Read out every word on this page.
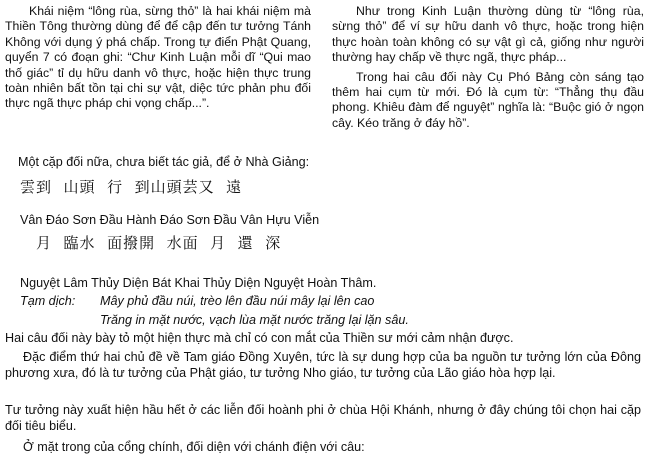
Khái niệm “lông rùa, sừng thỏ” là hai khái niệm mà Thiền Tông thường dùng để để cập đến tư tưởng Tánh Không với dụng ý phá chấp. Trong tự điển Phật Quang, quyển 7 có đoạn ghi: “Chư Kinh Luận mỗi dĩ “Qui mao thố giác” tỉ dụ hữu danh vô thực, hoặc hiện thực trung toàn nhiên bất tồn tại chi sự vật, diệc tức phản phu đối thực ngã thực pháp chi vọng chấp...”.

Như trong Kinh Luận thường dùng từ “lông rùa, sừng thỏ” để ví sự hữu danh vô thực, hoặc trong hiện thực hoàn toàn không có sự vật gì cả, giống như người thường hay chấp về thực ngã, thực pháp...

Trong hai câu đối này Cụ Phó Bảng còn sáng tạo thêm hai cụm từ mới. Đó là cụm từ: “Thẳng thụ đầu phong. Khiêu đàm để nguyệt” nghĩa là: “Buộc gió ở ngọn cây. Kéo trăng ở đáy hồ”.

Một cặp đối nữa, chưa biết tác giả, để ở Nhà Giảng:

雲到  山頭  行  到山頭芸又  遠

Vân Đáo Sơn Đầu Hành Đáo Sơn Đầu Vân Hựu Viễn

月  臨水  面撥開  水面  月  還  深

Nguyệt Lâm Thủy Diện Bát Khai Thủy Diện Nguyệt Hoàn Thâm.

Tạm dịch: Mây phủ đầu núi, trèo lên đầu núi mây lại lên cao

Trăng in mặt nước, vạch lùa mặt nước trăng lại lặn sâu.

Hai câu đối này bày tỏ một hiện thực mà chỉ có con mắt của Thiền sư mới cảm nhận được.

Đặc điểm thứ hai chủ đề về Tam giáo Đồng Xuyên, tức là sự dung hợp của ba nguồn tư tưởng lớn của Đông phương xưa, đó là tư tưởng của Phật giáo, tư tưởng Nho giáo, tư tưởng của Lão giáo hòa hợp lại.

Tư tưởng này xuất hiện hầu hết ở các liễn đối hoành phi ở chùa Hội Khánh, nhưng ở đây chúng tôi chọn hai cặp đối tiêu biểu.

Ở mặt trong của cổng chính, đối diện với chánh điện với câu:
